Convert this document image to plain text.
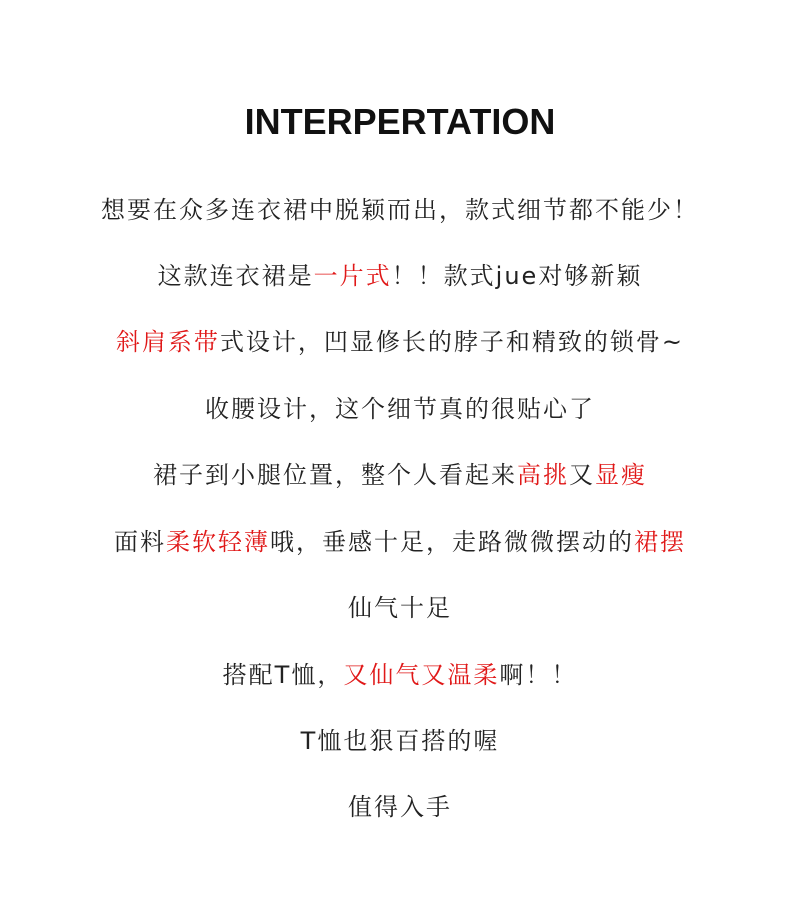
INTERPERTATION
想要在众多连衣裙中脱颖而出，款式细节都不能少！
这款连衣裙是一片式！！款式jue对够新颖
斜肩系带式设计，凹显修长的脖子和精致的锁骨~
收腰设计，这个细节真的很贴心了
裙子到小腿位置，整个人看起来高挑又显瘦
面料柔软轻薄哦，垂感十足，走路微微摆动的裙摆
仙气十足
搭配T恤，又仙气又温柔啊！！
T恤也狠百搭的喔
值得入手
